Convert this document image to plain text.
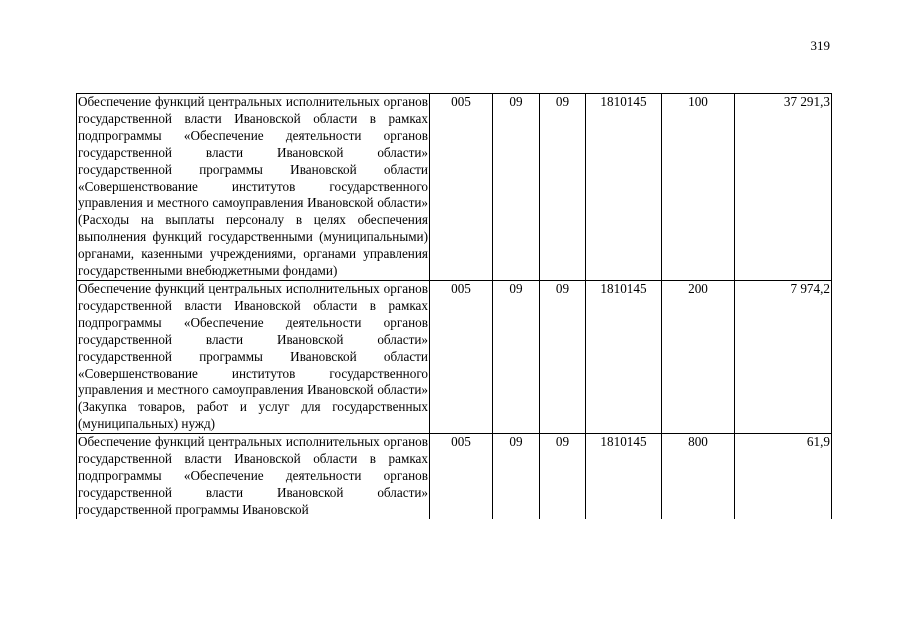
319
Обеспечение функций центральных исполнительных органов государственной власти Ивановской области в рамках подпрограммы «Обеспечение деятельности органов государственной власти Ивановской области» государственной программы Ивановской области «Совершенствование институтов государственного управления и местного самоуправления Ивановской области» (Расходы на выплаты персоналу в целях обеспечения выполнения функций государственными (муниципальными) органами, казенными учреждениями, органами управления государственными внебюджетными фондами)	005	09	09	1810145	100	37 291,3

Обеспечение функций центральных исполнительных органов государственной власти Ивановской области в рамках подпрограммы «Обеспечение деятельности органов государственной власти Ивановской области» государственной программы Ивановской области «Совершенствование институтов государственного управления и местного самоуправления Ивановской области» (Закупка товаров, работ и услуг для государственных (муниципальных) нужд)	005	09	09	1810145	200	7 974,2

Обеспечение функций центральных исполнительных органов государственной власти Ивановской области в рамках подпрограммы «Обеспечение деятельности органов государственной власти Ивановской области» государственной программы Ивановской	005	09	09	1810145	800	61,9
